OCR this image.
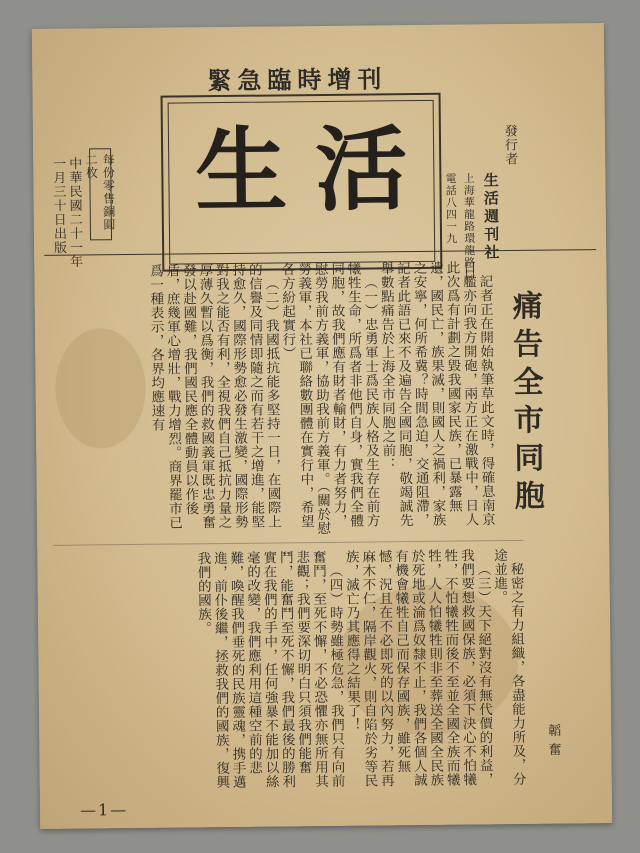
緊急臨時增刊
生活
每份零售銅圓二枚
中華民國二十一年
一月三十日出版
發行者
生活週刊社
上海華龍路環龍路口
電話八四一九
痛告全市同胞

記者正在開始執筆草此文時，得確息南京日艦亦向我方開砲，兩方正在激戰中，日人此次爲有計劃之毀我國家民族，已暴露無遺，國民亡，族果滅，則國人之禍利，家族之安寧，何所希冀？時間急迫，交通阻滯，記者此語已來不及遍告全國同胞，敬竭誠先舉數點痛告於上海全市同胞之前：

（一）忠勇軍士爲民族人格及生存在前方犧牲生命，所爲者非他們自身，實我們全體同胞，故我們應有財者輸財，有力者努力，慰勞我前方義軍，協助我前方義軍。（關於慰勞義軍，本社已聯絡數團體在實行中，希望各方紛起實行）

（二）我國抵抗能多堅持一日，在國際上的信譽及同情即隨之而有若干之增進，能堅持愈久，國際形勢愈必發生激變，國際形勢對我之能否有利，全視我們自己抵抗力量之厚薄久暫以爲衡，我們的救國義軍既忠勇奮發以赴國難，我們國民應全體動員以作後盾，庶幾軍心增壯，戰力增烈。商界罷市已爲一種表示，各界均應速有

秘密之有力組織，各盡能力所及，分途並進。

（三）天下絕對沒有無代價的利益，我們要想救國保族，必須下決心不怕犧牲，不怕犧牲而後不至並全國全族而犧牲，人人怕犧牲則非至葬送全國全民族於死地或淪爲奴隸不止，我們各個人誠有機會犧牲自己而保存國族，雖死無憾，況且在不必即死的以內努力，若再麻木不仁，隔岸觀火，則自陷於劣等民族，滅亡乃其應得之結果了！

（四）時勢雖極危急，我們只有向前奮鬥，至死不懈，不必恐懼亦無所用其悲觀；我們要深切明白只須我們能奮鬥，能奮鬥至死不懈，我們最後的勝利實在我們的手中，任何強暴不能加以絲毫的改變，我們應利用這種空前的悲難，喚醒我們垂死的民族靈魂，携手邁進，前仆後繼，拯救我們的國族，復興我們的國族。

韜奮
—1—
